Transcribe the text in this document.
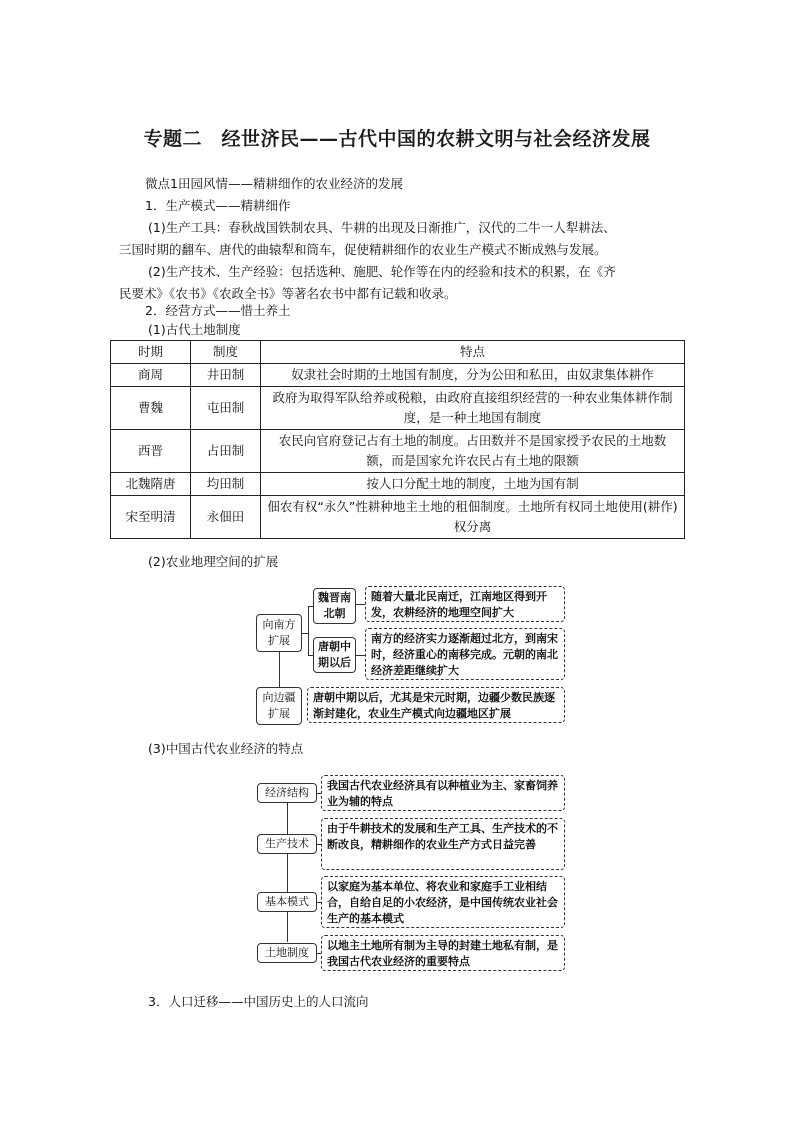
专题二　经世济民——古代中国的农耕文明与社会经济发展
微点1田园风情——精耕细作的农业经济的发展
1．生产模式——精耕细作
(1)生产工具：春秋战国铁制农具、牛耕的出现及日渐推广，汉代的二牛一人犁耕法、
三国时期的翻车、唐代的曲辕犁和筒车，促使精耕细作的农业生产模式不断成熟与发展。
(2)生产技术、生产经验：包括选种、施肥、轮作等在内的经验和技术的积累，在《齐
民要术》《农书》《农政全书》等著名农书中都有记载和收录。
2．经营方式——惜土养土
(1)古代土地制度
时期	制度	特点
商周	井田制	奴隶社会时期的土地国有制度，分为公田和私田，由奴隶集体耕作
曹魏	屯田制	政府为取得军队给养或税粮，由政府直接组织经营的一种农业集体耕作制度，是一种土地国有制度
西晋	占田制	农民向官府登记占有土地的制度。占田数并不是国家授予农民的土地数额，而是国家允许农民占有土地的限额
北魏隋唐	均田制	按人口分配土地的制度，土地为国有制
宋至明清	永佃田	佃农有权“永久”性耕种地主土地的租佃制度。土地所有权同土地使用(耕作)权分离
(2)农业地理空间的扩展
向南方扩展
向边疆扩展
魏晋南北朝
唐朝中期以后
随着大量北民南迁，江南地区得到开发，农耕经济的地理空间扩大
南方的经济实力逐渐超过北方，到南宋时，经济重心的南移完成。元朝的南北经济差距继续扩大
唐朝中期以后，尤其是宋元时期，边疆少数民族逐渐封建化，农业生产模式向边疆地区扩展
(3)中国古代农业经济的特点
经济结构
我国古代农业经济具有以种植业为主、家畜饲养业为辅的特点
生产技术
由于牛耕技术的发展和生产工具、生产技术的不断改良，精耕细作的农业生产方式日益完善
基本模式
以家庭为基本单位、将农业和家庭手工业相结合，自给自足的小农经济，是中国传统农业社会生产的基本模式
土地制度
以地主土地所有制为主导的封建土地私有制，是我国古代农业经济的重要特点
3．人口迁移——中国历史上的人口流向
